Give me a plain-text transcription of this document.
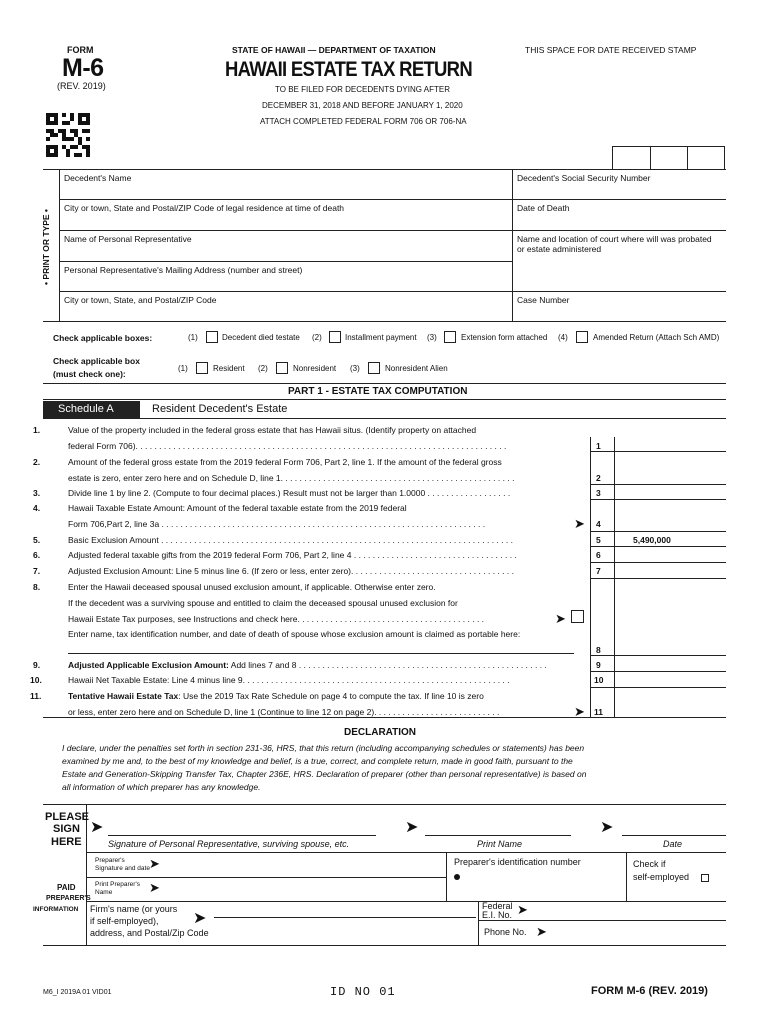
FORM
M-6
(REV. 2019)
STATE OF HAWAII — DEPARTMENT OF TAXATION
HAWAII ESTATE TAX RETURN
TO BE FILED FOR DECEDENTS DYING AFTER
DECEMBER 31, 2018 AND BEFORE JANUARY 1, 2020
ATTACH COMPLETED FEDERAL FORM 706 OR 706-NA
THIS SPACE FOR DATE RECEIVED STAMP
• PRINT OR TYPE •
Decedent's Name	Decedent's Social Security Number
City or town, State and Postal/ZIP Code of legal residence at time of death	Date of Death
Name of Personal Representative	Name and location of court where will was probated or estate administered
Personal Representative's Mailing Address (number and street)
City or town, State, and Postal/ZIP Code	Case Number
Check applicable boxes:	(1)	Decedent died testate (2)	Installment payment (3)	Extension form attached (4)	Amended Return (Attach Sch AMD)
Check applicable box
(must check one):
(1)	Resident (2)	Nonresident (3)	Nonresident Alien
PART 1 - ESTATE TAX COMPUTATION
Schedule A	Resident Decedent's Estate
1.	Value of the property included in the federal gross estate that has Hawaii situs. (Identify property on attached
federal Form 706). . . . . . . . . . . . . . . . . . . . . . . . . . . . . . . . . . . . . . . . . . . . . . . . . . . . . . . . . . . . . . . . . . . . . . . . . . . . . . .	1
2.	Amount of the federal gross estate from the 2019 federal Form 706, Part 2, line 1. If the amount of the federal gross
estate is zero, enter zero here and on Schedule D, line 1. . . . . . . . . . . . . . . . . . . . . . . . . . . . . . . . . . . . . . . . . . . . . . . . . .	2
3.	Divide line 1 by line 2. (Compute to four decimal places.) Result must not be larger than 1.0000 . . . . . . . . . . . . . . . . . .	3
4.	Hawaii Taxable Estate Amount: Amount of the federal taxable estate from the 2019 federal
Form 706,Part 2, line 3a . . . . . . . . . . . . . . . . . . . . . . . . . . . . . . . . . . . . . . . . . . . . . . . . . . . . . . . . . . . . . . . . . . . . .	➤ 4
5.	Basic Exclusion Amount . . . . . . . . . . . . . . . . . . . . . . . . . . . . . . . . . . . . . . . . . . . . . . . . . . . . . . . . . . . . . . . . . . . . . . . . . . .	5	5,490,000
6.	Adjusted federal taxable gifts from the 2019 federal Form 706, Part 2, line 4 . . . . . . . . . . . . . . . . . . . . . . . . . . . . . . . . . . .	6
7.	Adjusted Exclusion Amount: Line 5 minus line 6. (If zero or less, enter zero). . . . . . . . . . . . . . . . . . . . . . . . . . . . . . . . . . .	7
8.	Enter the Hawaii deceased spousal unused exclusion amount, if applicable. Otherwise enter zero.
If the decedent was a surviving spouse and entitled to claim the deceased spousal unused exclusion for
Hawaii Estate Tax purposes, see Instructions and check here. . . . . . . . . . . . . . . . . . . . . . . . . . . . . . . . . . . . . . . .	➤
Enter name, tax identification number, and date of death of spouse whose exclusion amount is claimed as portable here:
8
9.	Adjusted Applicable Exclusion Amount: Add lines 7 and 8 . . . . . . . . . . . . . . . . . . . . . . . . . . . . . . . . . . . . . . . . . . . . . . . . . . . . .	9
10.	Hawaii Net Taxable Estate: Line 4 minus line 9. . . . . . . . . . . . . . . . . . . . . . . . . . . . . . . . . . . . . . . . . . . . . . . . . . . . . . . . .	10
11.	Tentative Hawaii Estate Tax: Use the 2019 Tax Rate Schedule on page 4 to compute the tax. If line 10 is zero
or less, enter zero here and on Schedule D, line 1 (Continue to line 12 on page 2). . . . . . . . . . . . . . . . . . . . . . . . . . .	➤ 11
DECLARATION
I declare, under the penalties set forth in section 231-36, HRS, that this return (including accompanying schedules or statements) has been
examined by me and, to the best of my knowledge and belief, is a true, correct, and complete return, made in good faith, pursuant to the
Estate and Generation-Skipping Transfer Tax, Chapter 236E, HRS. Declaration of preparer (other than personal representative) is based on
all information of which preparer has any knowledge.
PLEASE
SIGN
HERE
➤
Signature of Personal Representative, surviving spouse, etc.
➤
Print Name
➤
Date
PAID
PREPARER'S
INFORMATION
Preparer's
Signature and date ➤
Print Preparer's
Name	➤
Preparer's identification number	Check if
self-employed
Firm's name (or yours
if self-employed),
address, and Postal/Zip Code
➤
Federal
E.I. No. ➤
Phone No. ➤
M6_I 2019A 01 VID01	ID NO 01	FORM M-6 (REV. 2019)
